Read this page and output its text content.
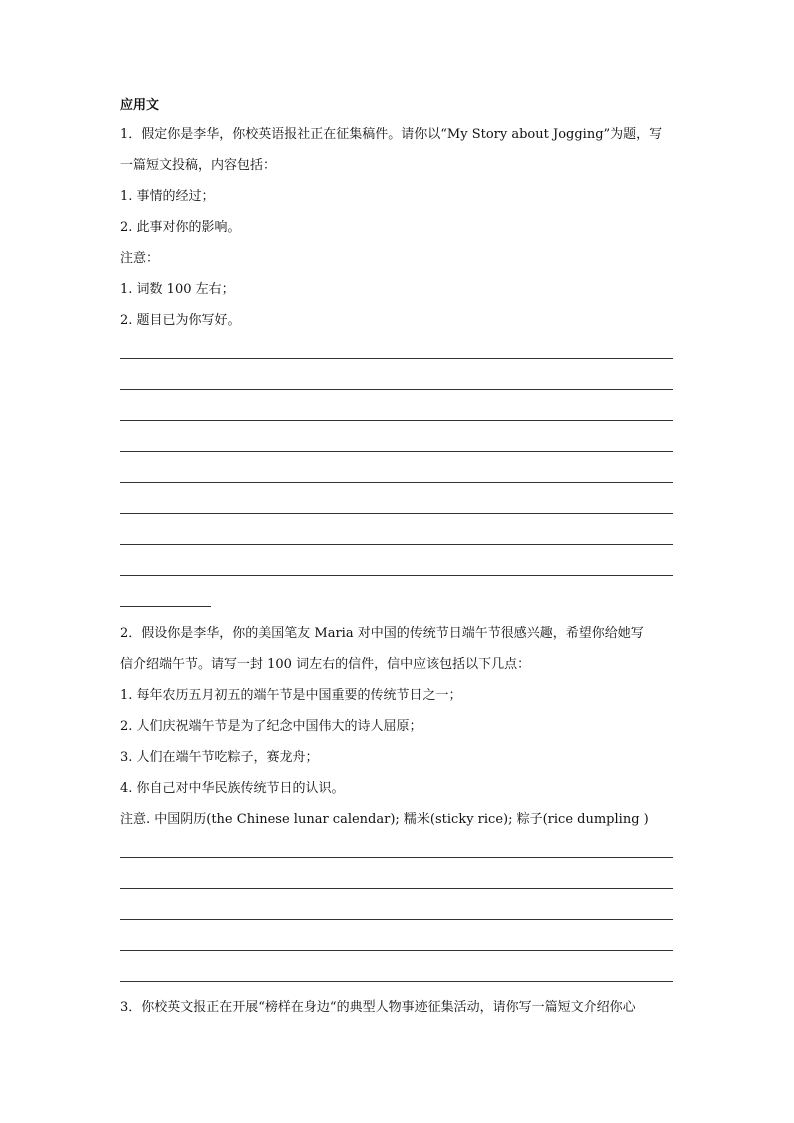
应用文
1．假定你是李华，你校英语报社正在征集稿件。请你以“My Story about Jogging”为题，写
一篇短文投稿，内容包括：
1. 事情的经过；
2. 此事对你的影响。
注意：
1. 词数 100 左右；
2. 题目已为你写好。
2．假设你是李华，你的美国笔友 Maria 对中国的传统节日端午节很感兴趣，希望你给她写
信介绍端午节。请写一封 100 词左右的信件，信中应该包括以下几点：
1. 每年农历五月初五的端午节是中国重要的传统节日之一；
2. 人们庆祝端午节是为了纪念中国伟大的诗人屈原；
3. 人们在端午节吃粽子，赛龙舟；
4. 你自己对中华民族传统节日的认识。
注意. 中国阴历(the Chinese lunar calendar); 糯米(sticky rice); 粽子(rice dumpling )
3．你校英文报正在开展“榜样在身边“的典型人物事迹征集活动，请你写一篇短文介绍你心
